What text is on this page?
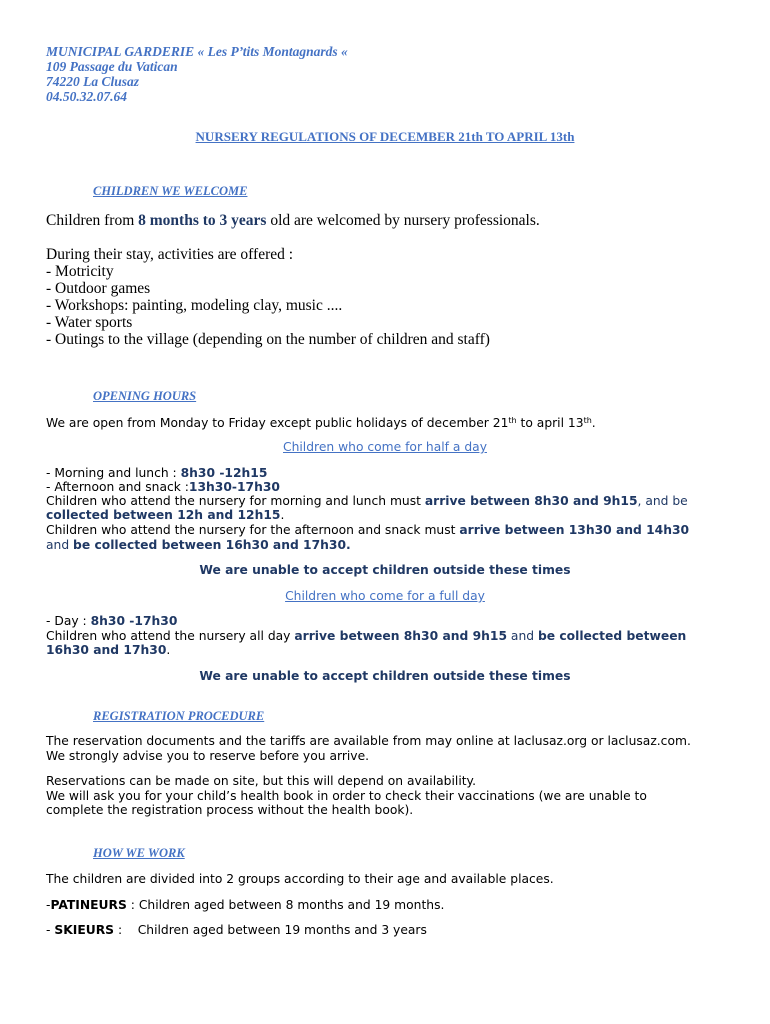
MUNICIPAL GARDERIE « Les P’tits Montagnards «
109 Passage du Vatican
74220 La Clusaz
04.50.32.07.64
NURSERY REGULATIONS OF DECEMBER 21th TO APRIL 13th
CHILDREN WE WELCOME
Children from 8 months to 3 years old are welcomed by nursery professionals.
During their stay, activities are offered :
- Motricity
- Outdoor games
- Workshops: painting, modeling clay, music ....
- Water sports
- Outings to the village (depending on the number of children and staff)
OPENING HOURS
We are open from Monday to Friday except public holidays of december 21th to april 13th.
Children who come for half a day
- Morning and lunch : 8h30 -12h15
- Afternoon and snack :13h30-17h30
Children who attend the nursery for morning and lunch must arrive between 8h30 and 9h15, and be
collected between 12h and 12h15.
Children who attend the nursery for the afternoon and snack must arrive between 13h30 and 14h30
and be collected between 16h30 and 17h30.
We are unable to accept children outside these times
Children who come for a full day
- Day : 8h30 -17h30
Children who attend the nursery all day arrive between 8h30 and 9h15 and be collected between
16h30 and 17h30.
We are unable to accept children outside these times
REGISTRATION PROCEDURE
The reservation documents and the tariffs are available from may online at laclusaz.org or laclusaz.com.
We strongly advise you to reserve before you arrive.
Reservations can be made on site, but this will depend on availability.
We will ask you for your child’s health book in order to check their vaccinations (we are unable to
complete the registration process without the health book).
HOW WE WORK
The children are divided into 2 groups according to their age and available places.
-PATINEURS : Children aged between 8 months and 19 months.
- SKIEURS :    Children aged between 19 months and 3 years
